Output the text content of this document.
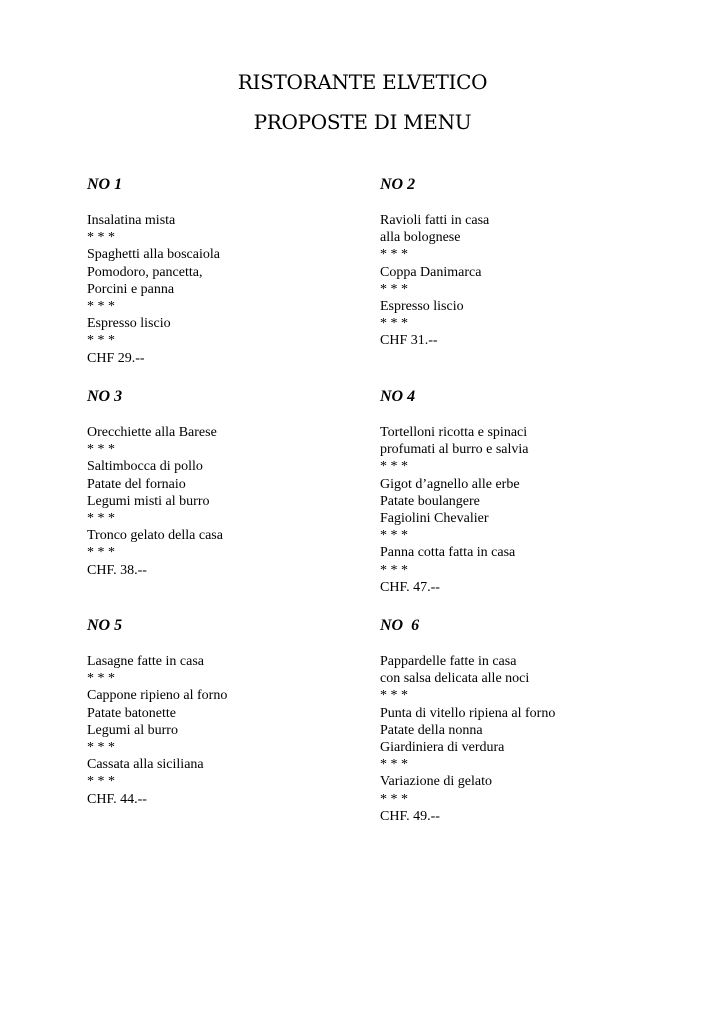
RISTORANTE ELVETICO
PROPOSTE DI MENU
NO 1
Insalatina mista
* * *
Spaghetti alla boscaiola
Pomodoro, pancetta,
Porcini e panna
* * *
Espresso liscio
* * *
CHF 29.--
NO 2
Ravioli fatti in casa
alla bolognese
* * *
Coppa Danimarca
* * *
Espresso liscio
* * *
CHF 31.--
NO 3
Orecchiette alla Barese
* * *
Saltimbocca di pollo
Patate del fornaio
Legumi misti al burro
* * *
Tronco gelato della casa
* * *
CHF. 38.--
NO 4
Tortelloni ricotta e spinaci
profumati al burro e salvia
* * *
Gigot d’agnello alle erbe
Patate boulangere
Fagiolini Chevalier
* * *
Panna cotta fatta in casa
* * *
CHF. 47.--
NO 5
Lasagne fatte in casa
* * *
Cappone ripieno al forno
Patate batonette
Legumi al burro
* * *
Cassata alla siciliana
* * *
CHF. 44.--
NO  6
Pappardelle fatte in casa
con salsa delicata alle noci
* * *
Punta di vitello ripiena al forno
Patate della nonna
Giardiniera di verdura
* * *
Variazione di gelato
* * *
CHF. 49.--
